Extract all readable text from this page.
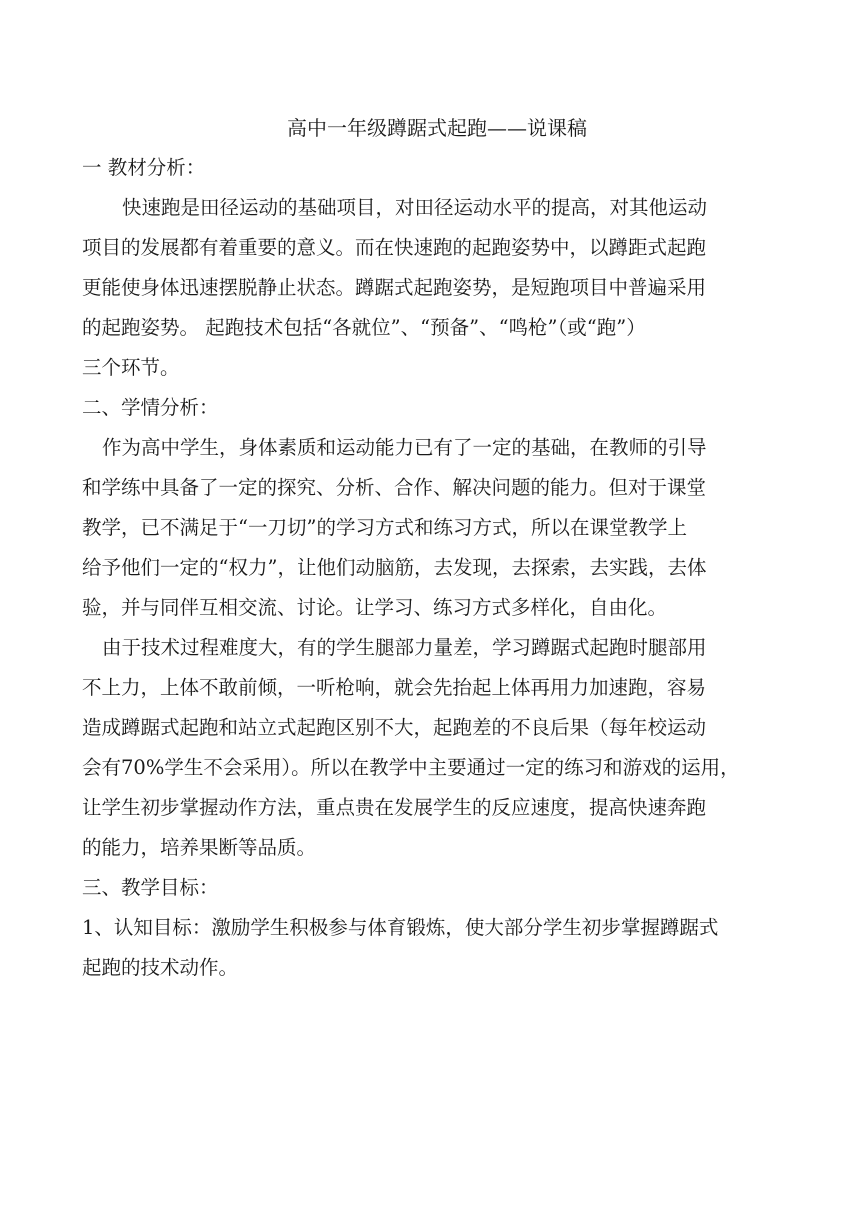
高中一年级蹲踞式起跑——说课稿
一 教材分析：
快速跑是田径运动的基础项目，对田径运动水平的提高，对其他运动
项目的发展都有着重要的意义。而在快速跑的起跑姿势中，以蹲距式起跑
更能使身体迅速摆脱静止状态。蹲踞式起跑姿势，是短跑项目中普遍采用
的起跑姿势。 起跑技术包括“各就位”、“预备”、“鸣枪”（或“跑”）
三个环节。
二、学情分析：
作为高中学生，身体素质和运动能力已有了一定的基础，在教师的引导
和学练中具备了一定的探究、分析、合作、解决问题的能力。但对于课堂
教学，已不满足于“一刀切”的学习方式和练习方式，所以在课堂教学上
给予他们一定的“权力”，让他们动脑筋，去发现，去探索，去实践，去体
验，并与同伴互相交流、讨论。让学习、练习方式多样化，自由化。
由于技术过程难度大，有的学生腿部力量差，学习蹲踞式起跑时腿部用
不上力，上体不敢前倾，一听枪响，就会先抬起上体再用力加速跑，容易
造成蹲踞式起跑和站立式起跑区别不大，起跑差的不良后果（每年校运动
会有70%学生不会采用）。所以在教学中主要通过一定的练习和游戏的运用，
让学生初步掌握动作方法，重点贵在发展学生的反应速度，提高快速奔跑
的能力，培养果断等品质。
三、教学目标：
1、认知目标：激励学生积极参与体育锻炼，使大部分学生初步掌握蹲踞式
起跑的技术动作。
